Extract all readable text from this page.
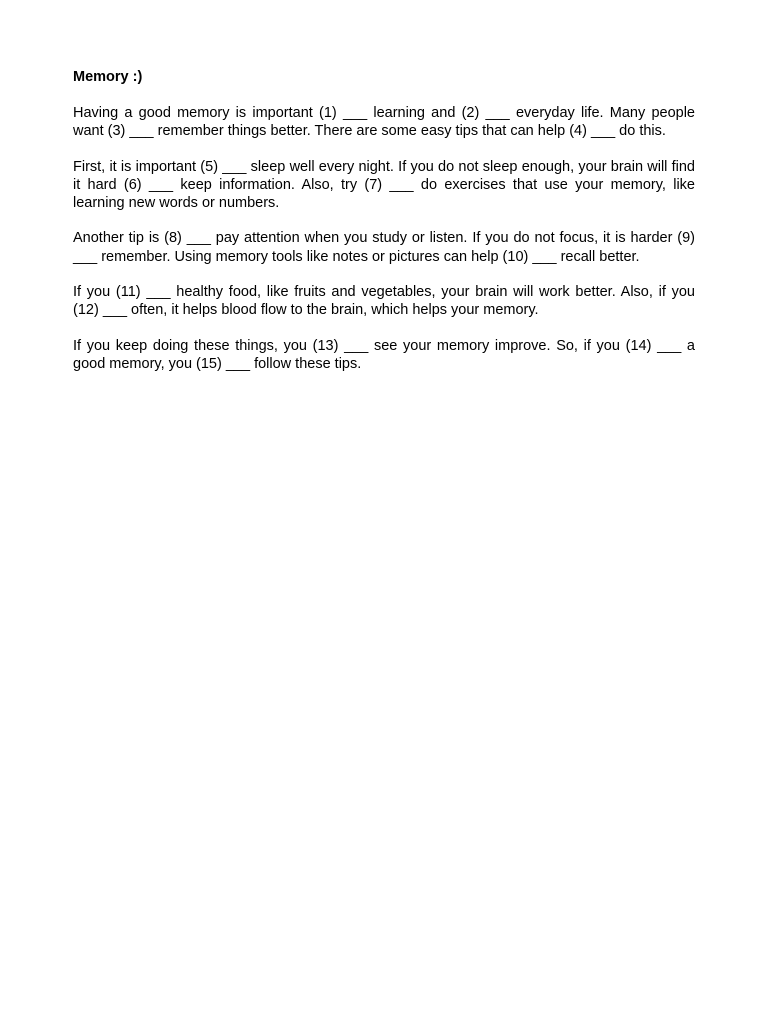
Memory :)

Having a good memory is important (1) ___ learning and (2) ___ everyday life. Many people want (3) ___ remember things better. There are some easy tips that can help (4) ___ do this.

First, it is important (5) ___ sleep well every night. If you do not sleep enough, your brain will find it hard (6) ___ keep information. Also, try (7) ___ do exercises that use your memory, like learning new words or numbers.

Another tip is (8) ___ pay attention when you study or listen. If you do not focus, it is harder (9) ___ remember. Using memory tools like notes or pictures can help (10) ___ recall better.

If you (11) ___ healthy food, like fruits and vegetables, your brain will work better. Also, if you (12) ___ often, it helps blood flow to the brain, which helps your memory.

If you keep doing these things, you (13) ___ see your memory improve. So, if you (14) ___ a good memory, you (15) ___ follow these tips.
